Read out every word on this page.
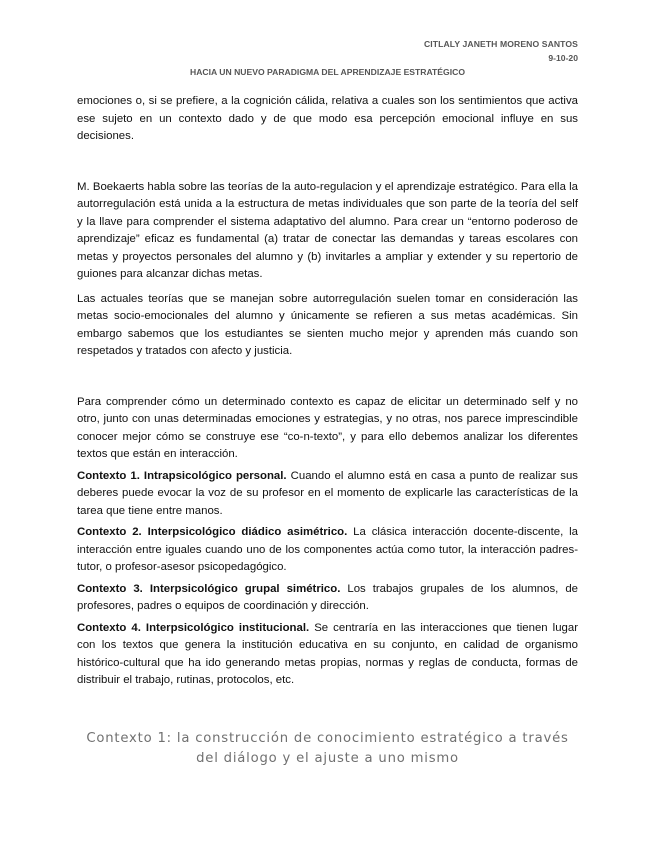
CITLALY JANETH MORENO SANTOS
9-10-20
HACIA UN NUEVO PARADIGMA DEL APRENDIZAJE ESTRATÉGICO

emociones o, si se prefiere, a la cognición cálida, relativa a cuales son los sentimientos que activa ese sujeto en un contexto dado y de que modo esa percepción emocional influye en sus decisiones.

M. Boekaerts habla sobre las teorías de la auto-regulacion y el aprendizaje estratégico. Para ella la autorregulación está unida a la estructura de metas individuales que son parte de la teoría del self y la llave para comprender el sistema adaptativo del alumno. Para crear un “entorno poderoso de aprendizaje” eficaz es fundamental (a) tratar de conectar las demandas y tareas escolares con metas y proyectos personales del alumno y (b) invitarles a ampliar y extender y su repertorio de guiones para alcanzar dichas metas.

Las actuales teorías que se manejan sobre autorregulación suelen tomar en consideración las metas socio-emocionales del alumno y únicamente se refieren a sus metas académicas. Sin embargo sabemos que los estudiantes se sienten mucho mejor y aprenden más cuando son respetados y tratados con afecto y justicia.

Para comprender cómo un determinado contexto es capaz de elicitar un determinado self y no otro, junto con unas determinadas emociones y estrategias, y no otras, nos parece imprescindible conocer mejor cómo se construye ese “co-n-texto”, y para ello debemos analizar los diferentes textos que están en interacción.

Contexto 1. Intrapsicológico personal. Cuando el alumno está en casa a punto de realizar sus deberes puede evocar la voz de su profesor en el momento de explicarle las características de la tarea que tiene entre manos.

Contexto 2. Interpsicológico diádico asimétrico. La clásica interacción docente-discente, la interacción entre iguales cuando uno de los componentes actúa como tutor, la interacción padres-tutor, o profesor-asesor psicopedagógico.

Contexto 3. Interpsicológico grupal simétrico. Los trabajos grupales de los alumnos, de profesores, padres o equipos de coordinación y dirección.

Contexto 4. Interpsicológico institucional. Se centraría en las interacciones que tienen lugar con los textos que genera la institución educativa en su conjunto, en calidad de organismo histórico-cultural que ha ido generando metas propias, normas y reglas de conducta, formas de distribuir el trabajo, rutinas, protocolos, etc.

Contexto 1: la construcción de conocimiento estratégico a través del diálogo y el ajuste a uno mismo
